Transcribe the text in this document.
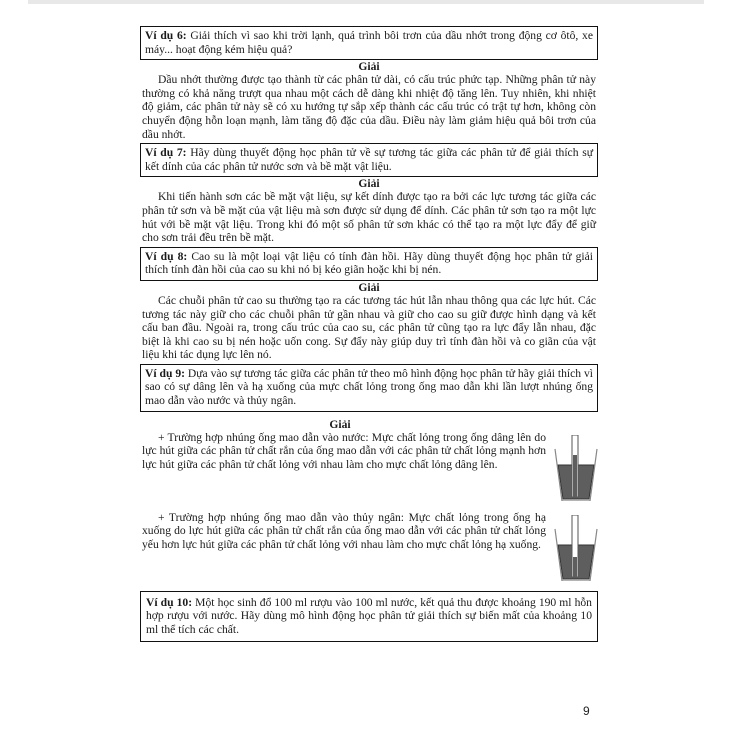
Ví dụ 6: Giải thích vì sao khi trời lạnh, quá trình bôi trơn của dầu nhớt trong động cơ ôtô, xe máy... hoạt động kém hiệu quả?
Giải
Dầu nhớt thường được tạo thành từ các phân tử dài, có cấu trúc phức tạp. Những phân tử này thường có khả năng trượt qua nhau một cách dễ dàng khi nhiệt độ tăng lên. Tuy nhiên, khi nhiệt độ giảm, các phân tử này sẽ có xu hướng tự sắp xếp thành các cấu trúc có trật tự hơn, không còn chuyển động hỗn loạn mạnh, làm tăng độ đặc của dầu. Điều này làm giảm hiệu quả bôi trơn của dầu nhớt.
Ví dụ 7: Hãy dùng thuyết động học phân tử về sự tương tác giữa các phân tử để giải thích sự kết dính của các phân tử nước sơn và bề mặt vật liệu.
Giải
Khi tiến hành sơn các bề mặt vật liệu, sự kết dính được tạo ra bởi các lực tương tác giữa các phân tử sơn và bề mặt của vật liệu mà sơn được sử dụng để dính. Các phân tử sơn tạo ra một lực hút với bề mặt vật liệu. Trong khi đó một số phân tử sơn khác có thể tạo ra một lực đẩy để giữ cho sơn trải đều trên bề mặt.
Ví dụ 8: Cao su là một loại vật liệu có tính đàn hồi. Hãy dùng thuyết động học phân tử giải thích tính đàn hồi của cao su khi nó bị kéo giãn hoặc khi bị nén.
Giải
Các chuỗi phân tử cao su thường tạo ra các tương tác hút lẫn nhau thông qua các lực hút. Các tương tác này giữ cho các chuỗi phân tử gần nhau và giữ cho cao su giữ được hình dạng và kết cấu ban đầu. Ngoài ra, trong cấu trúc của cao su, các phân tử cũng tạo ra lực đẩy lẫn nhau, đặc biệt là khi cao su bị nén hoặc uốn cong. Sự đẩy này giúp duy trì tính đàn hồi và co giãn của vật liệu khi tác dụng lực lên nó.
Ví dụ 9: Dựa vào sự tương tác giữa các phân tử theo mô hình động học phân tử hãy giải thích vì sao có sự dâng lên và hạ xuống của mực chất lỏng trong ống mao dẫn khi lần lượt nhúng ống mao dẫn vào nước và thủy ngân.
Giải
+ Trường hợp nhúng ống mao dẫn vào nước: Mực chất lỏng trong ống dâng lên do lực hút giữa các phân tử chất rắn của ống mao dẫn với các phân tử chất lỏng mạnh hơn lực hút giữa các phân tử chất lỏng với nhau làm cho mực chất lỏng dâng lên.
+ Trường hợp nhúng ống mao dẫn vào thủy ngân: Mực chất lỏng trong ống hạ xuống do lực hút giữa các phân tử chất rắn của ống mao dẫn với các phân tử chất lỏng yếu hơn lực hút giữa các phân tử chất lỏng với nhau làm cho mực chất lỏng hạ xuống.
Ví dụ 10: Một học sinh đổ 100 ml rượu vào 100 ml nước, kết quả thu được khoảng 190 ml hỗn hợp rượu với nước. Hãy dùng mô hình động học phân tử giải thích sự biến mất của khoảng 10 ml thể tích các chất.
9
